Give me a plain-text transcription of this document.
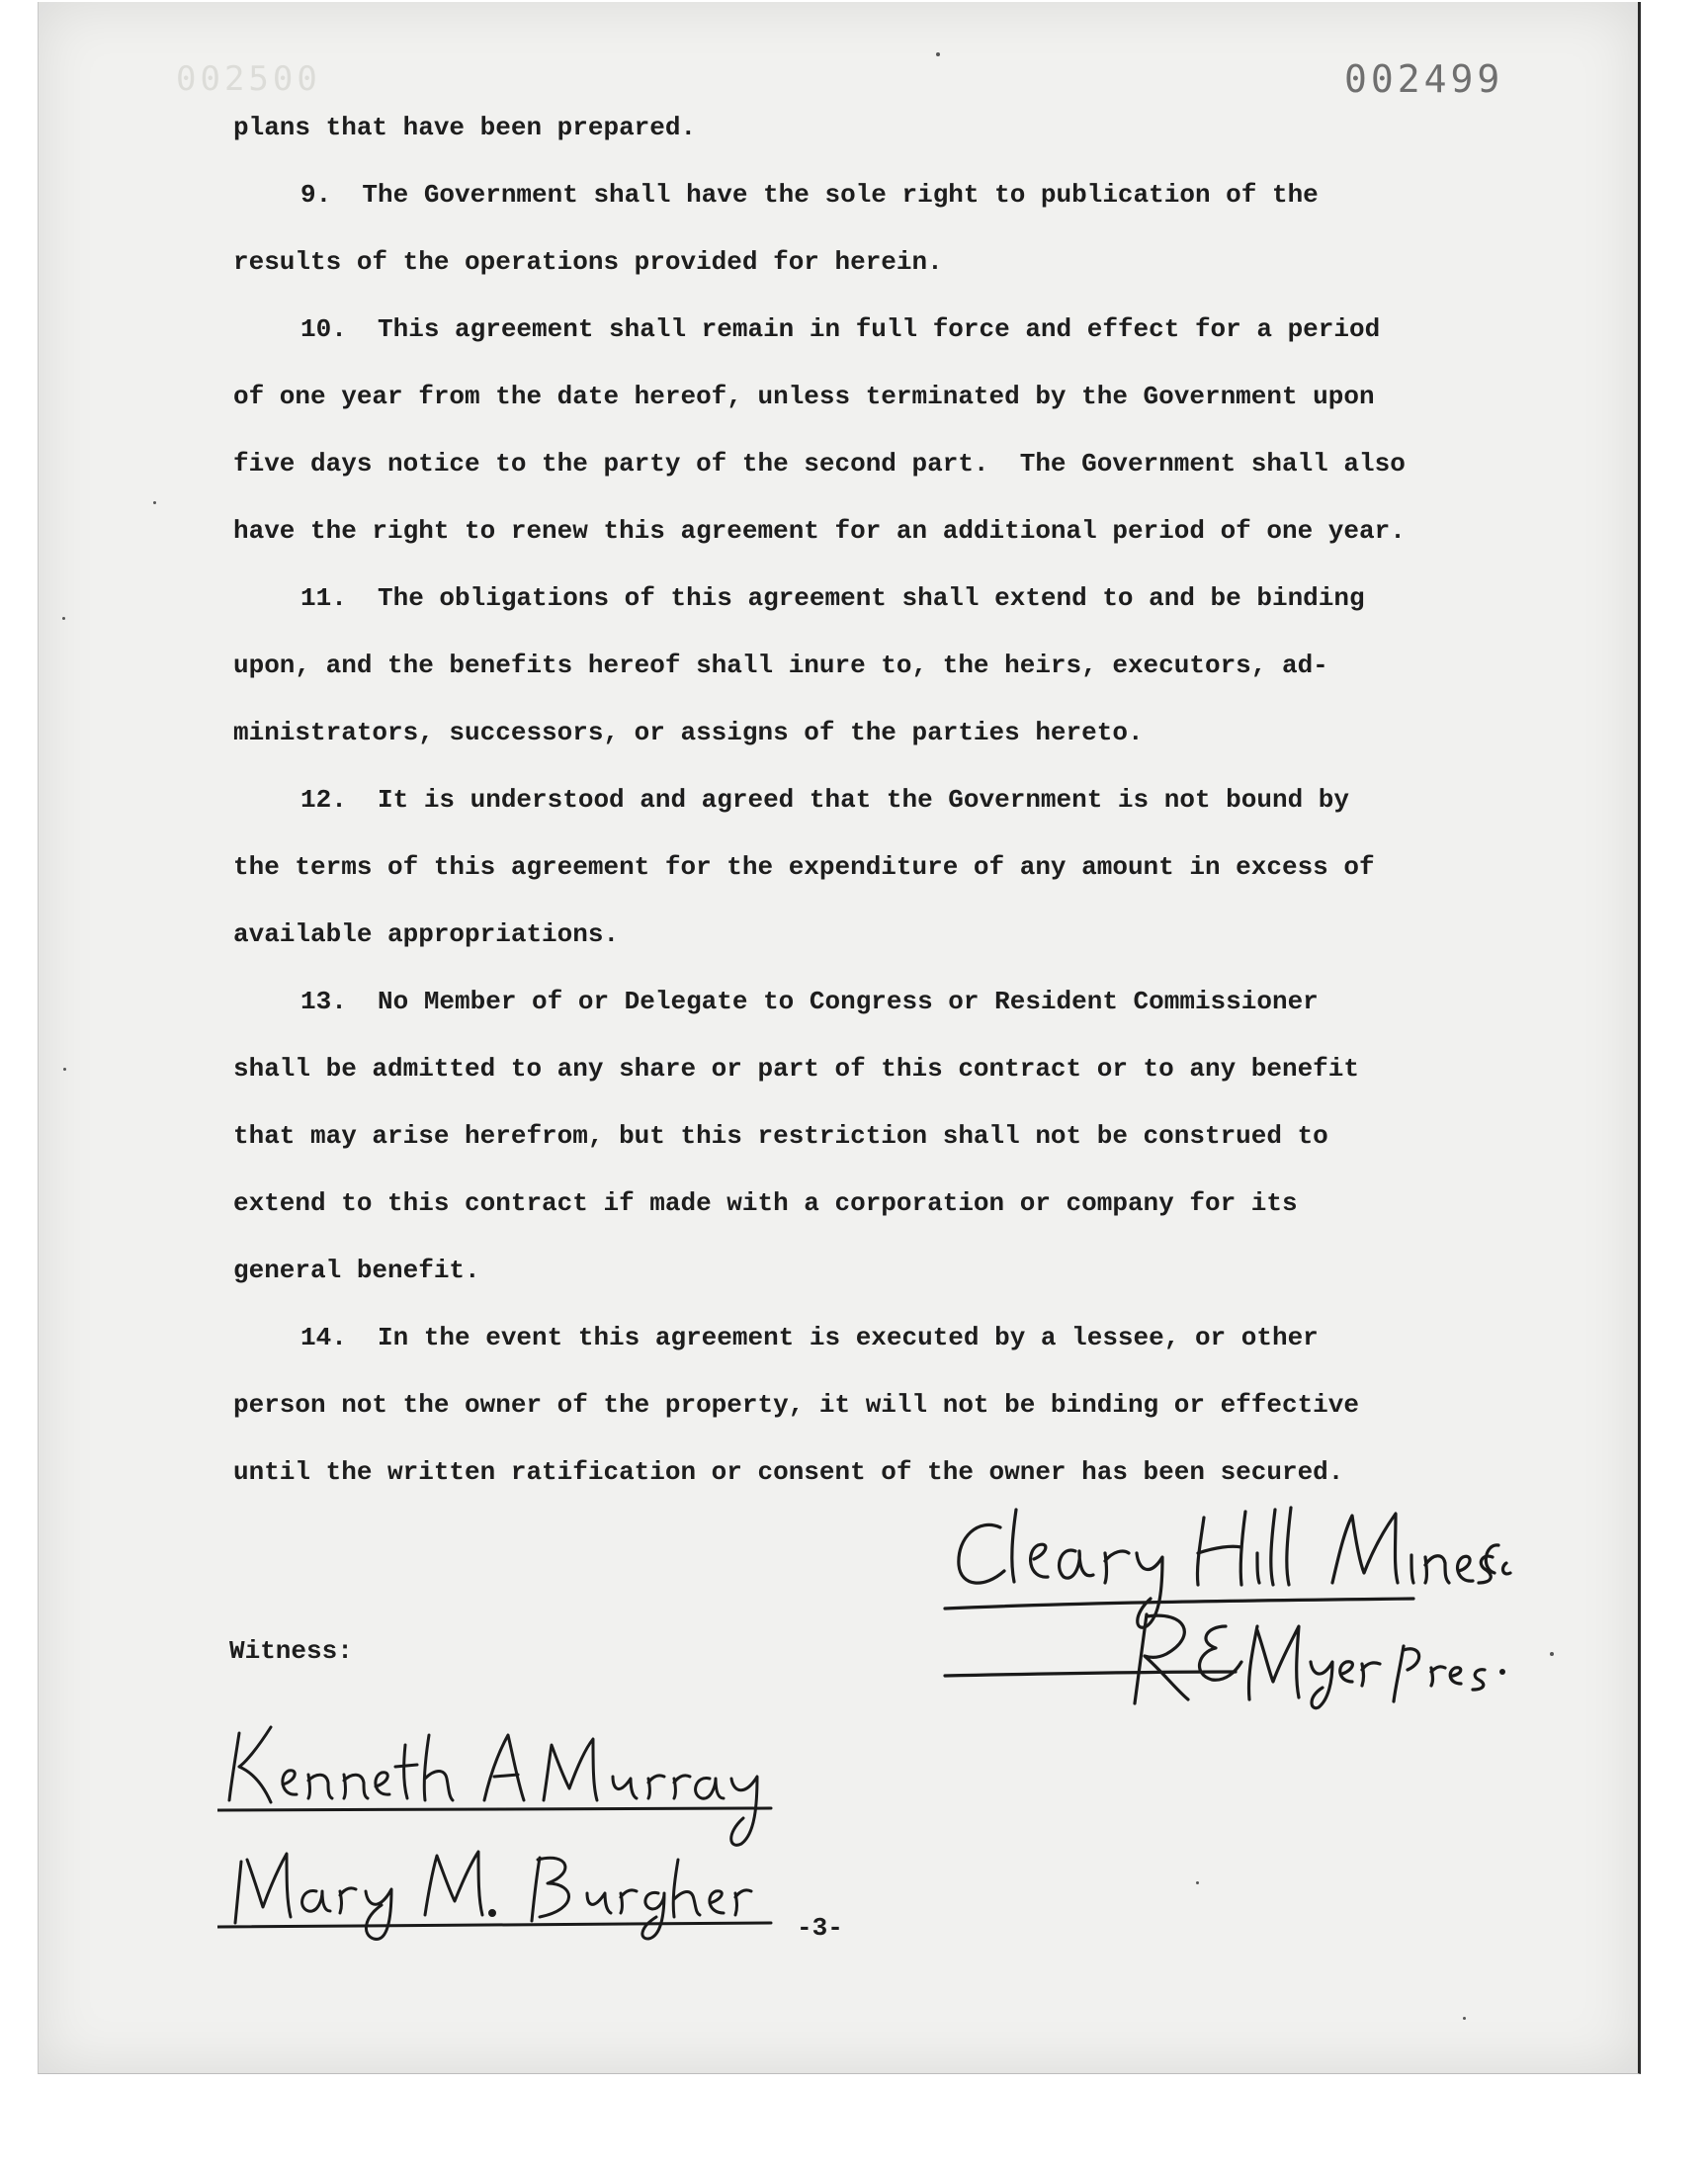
002500	002499
plans that have been prepared.
9.  The Government shall have the sole right to publication of the
results of the operations provided for herein.
10.  This agreement shall remain in full force and effect for a period
of one year from the date hereof, unless terminated by the Government upon
five days notice to the party of the second part.  The Government shall also
have the right to renew this agreement for an additional period of one year.
11.  The obligations of this agreement shall extend to and be binding
upon, and the benefits hereof shall inure to, the heirs, executors, ad-
ministrators, successors, or assigns of the parties hereto.
12.  It is understood and agreed that the Government is not bound by
the terms of this agreement for the expenditure of any amount in excess of
available appropriations.
13.  No Member of or Delegate to Congress or Resident Commissioner
shall be admitted to any share or part of this contract or to any benefit
that may arise herefrom, but this restriction shall not be construed to
extend to this contract if made with a corporation or company for its
general benefit.
14.  In the event this agreement is executed by a lessee, or other
person not the owner of the property, it will not be binding or effective
until the written ratification or consent of the owner has been secured.
Witness:
-3-
